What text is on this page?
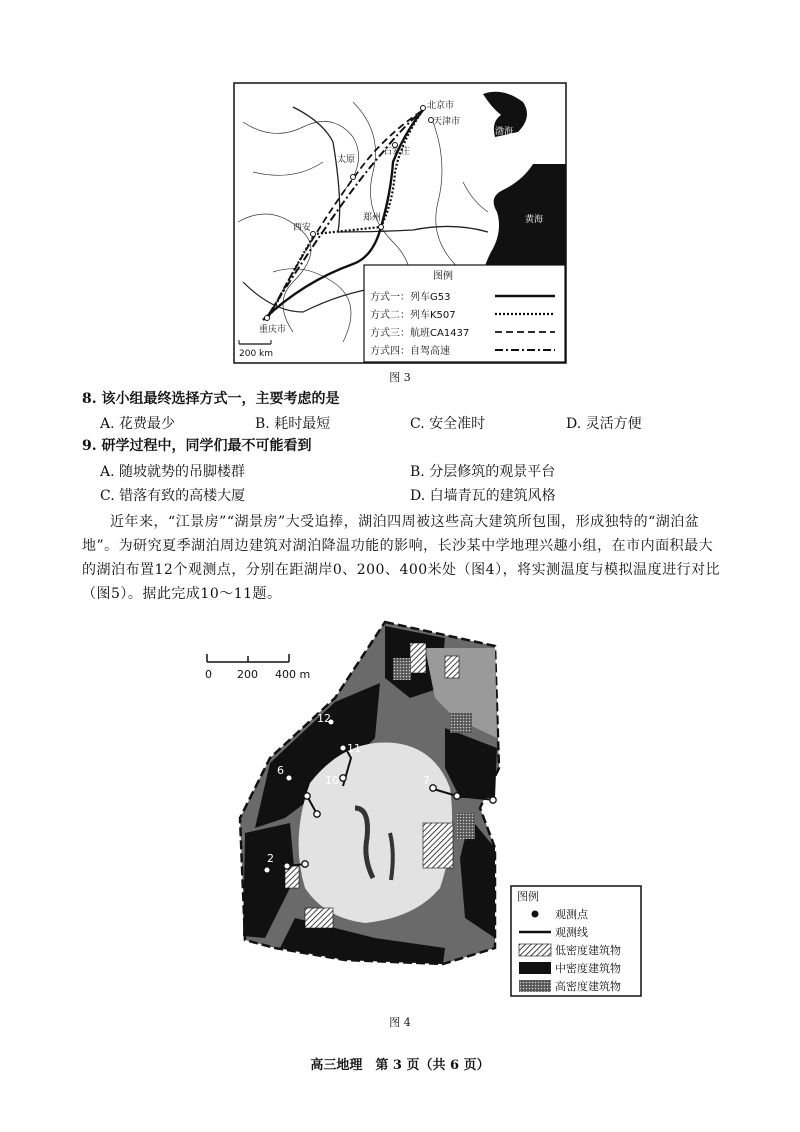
北京市
天津市
石家庄
太原
郑州
西安
重庆市
渤海
黄海
200 km
图例
方式一：列车G53
方式二：列车K507
方式三：航班CA1437
方式四：自驾高速
图 3
8. 该小组最终选择方式一，主要考虑的是
A. 花费最少	B. 耗时最短	C. 安全准时	D. 灵活方便
9. 研学过程中，同学们最不可能看到
A. 随坡就势的吊脚楼群	B. 分层修筑的观景平台
C. 错落有致的高楼大厦	D. 白墙青瓦的建筑风格
近年来，“江景房”“湖景房”大受追捧，湖泊四周被这些高大建筑所包围，形成独特的“湖泊盆地”。为研究夏季湖泊周边建筑对湖泊降温功能的影响，长沙某中学地理兴趣小组，在市内面积最大的湖泊布置12个观测点，分别在距湖岸0、200、400米处（图4），将实测温度与模拟温度进行对比（图5）。据此完成10～11题。
0 200 400 m
12
11
10
6
7
2
图例
观测点
观测线
低密度建筑物
中密度建筑物
高密度建筑物
图 4
高三地理　第 3 页（共 6 页）
